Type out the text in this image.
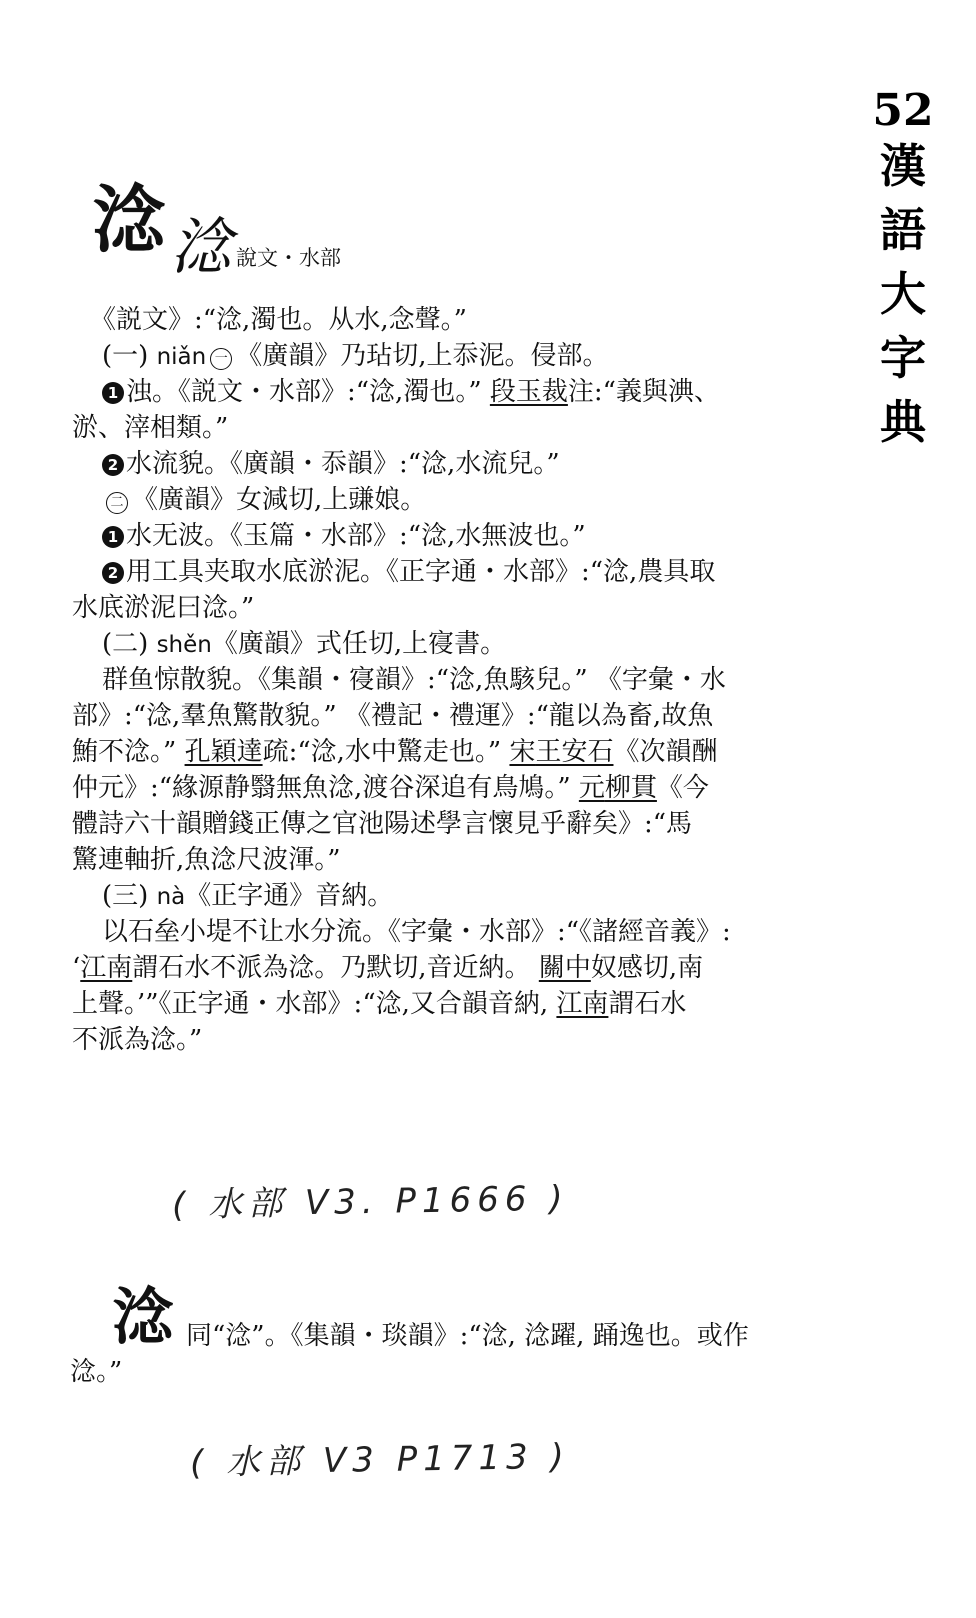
52
漢語大字典
淰 淰 說文・水部
《説文》:“淰,濁也。从水,念聲。”
(一) niǎn 一 《廣韻》乃玷切,上忝泥。侵部。
1 浊。《説文・水部》:“淰,濁也。” 段玉裁注:“義與淟、
淤、滓相類。”
2 水流貌。《廣韻・忝韻》:“淰,水流兒。”
二 《廣韻》女減切,上豏娘。
1 水无波。《玉篇・水部》:“淰,水無波也。”
2 用工具夹取水底淤泥。《正字通・水部》:“淰,農具取
水底淤泥曰淰。”
(二) shěn《廣韻》式任切,上寑書。
群鱼惊散貌。《集韻・寑韻》:“淰,魚駭兒。” 《字彙・水
部》:“淰,羣魚驚散貌。” 《禮記・禮運》:“龍以為畜,故魚
鮪不淰。” 孔穎達疏:“淰,水中驚走也。” 宋王安石《次韻酬
仲元》:“緣源静翳無魚淰,渡谷深追有鳥鳩。” 元柳貫《今
體詩六十韻贈錢正傳之官池陽述學言懷見乎辭矣》:“馬
驚連軸折,魚淰尺波渾。”
(三) nà《正字通》音納。
以石垒小堤不让水分流。《字彙・水部》:“《諸經音義》:
‘江南謂石水不派為淰。乃默切,音近納。 關中奴感切,南
上聲。’”《正字通・水部》:“淰,又合韻音納, 江南謂石水
不派為淰。”
( 水部 V3. P1666 )
淰 同“淰”。《集韻・琰韻》:“淰, 淰躍, 踊逸也。或作
淰。”
( 水部 V3 P1713 )
